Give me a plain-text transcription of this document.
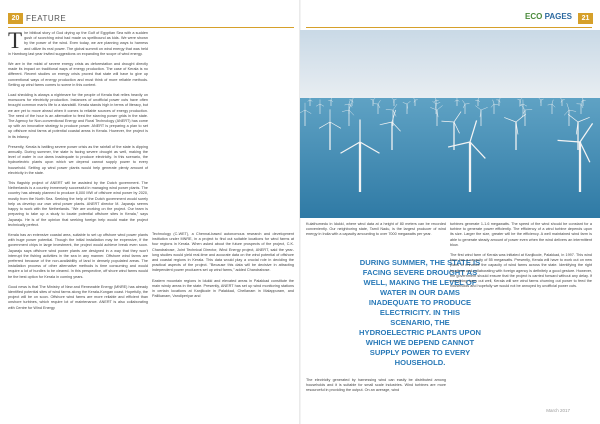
20 FEATURE	ECO PAGES	21

The biblical story of God drying up the Gulf of Egyptian Sea with a sudden gush of scorching wind had made us spellbound as kids. We were shown by the power of the wind. Even today, we are planning ways to harness and utilize its real power. The global summit on wind energy that was held in Hamburg last year invited suggestions on expanding the scope of wind energy.

We are in the midst of severe energy crisis as deforestation and drought directly made its impact on traditional ways of energy production. The case of Kerala is no different. Recent studies on energy crisis proved that state will have to give up conventional ways of energy production and must think of more reliable methods. Setting up wind farms comes to scene in this context.

Load shedding is always a nightmare for the people of Kerala that relies heavily on monsoons for electricity production. Instances of unofficial power cuts have often brought common man's life to a standstill. Kerala stands high in terms of literacy, but we are yet to move ahead when it comes to reliable sources of energy production. The need of the hour is an alternative to feed the starving power grids in the state. The Agency for Non-conventional Energy and Rural Technology (ANERT) has come up with an innovative strategy to produce power. ANERT is preparing a plan to set up offshore wind farms at potential coastal areas in Kerala. However, the project is in its infancy.

Presently, Kerala is battling severe power crisis as the rainfall of the state is dipping annually. During summer, the state is facing severe drought as well, making the level of water in our dams inadequate to produce electricity. In this scenario, the hydroelectric plants upon which we depend cannot supply power to every household. Setting up wind power plants would help generate plenty amount of electricity in the state.

This flagship project of ANERT will be assisted by the Dutch government. The Netherlands is a country immensely successful in managing wind power plants. The country has already planned to produce 6,000 MW of offshore wind power by 2020, mostly from the North Sea. Seeking the help of the Dutch government would surely help us develop our own wind power plants. ANERT director M. Jayaraju seems happy to work with the Netherlands. "We are working on the project. Our team is preparing to take up a study to locate potential offshore sites in Kerala," says Jayaraju. He is of the opinion that seeking foreign help would make the project technically perfect.

Kerala has an extensive coastal area, suitable to set up offshore wind power plants with huge power potential. Though the initial installation may be expensive, if the government chips in large investment, the project would achieve break even soon. Jayaraju says offshore wind power plants are designed in a way that they won't interrupt the fishing activities in the sea in any manner. Offshore wind farms are preferred because of the non-availability of land in densely populated areas. The installation process of other alternative methods is time consuming and would require a lot of hurdles to be cleared. In this perspective, off shore wind farms would be the best option for Kerala in coming years.

Good news is that The Ministry of New and Renewable Energy (MNRE) has already identified potential sites of wind farms along the Kerala-Kongan coast. Hopefully, the project will be on soon. Offshore wind farms are more reliable and efficient than onshore turbines, which require lot of maintenance. ANERT is also collaborating with Centre for Wind Energy

Technology (C-WET), a Chennai-based autonomous research and development institution under MNRE, in a project to find out suitable locations for wind farms at four regions in Kerala. When asked about the future prospects of the project, C.K. Chandrabose, Joint Technical Director, Wind Energy project, ANERT, said the year-long studies would yield real-time and accurate data on the wind potential of offshore and coastal regions in Kerala. This data would play a crucial role in deciding the practical aspects of the project. "Because this data will be decisive in attracting independent power producers set up wind farms," added Chandrabose.

Eastern mountain regions in Idukki and elevated areas in Palakkad constitute the main windy areas in the state. Presently, ANERT has set up wind monitoring stations in certain locations at Kanjikode in Palakkad, Chellanam in Malappuram, and Pallikanam, Vandiperiyar and

Kulathumedu in Idukki, where wind data at a height of 80 meters can be recorded conveniently. Our neighboring state, Tamil Nadu, is the largest producer of wind energy in India with a capacity amounting to over 7000 megawatts per year.

DURING SUMMER, THE STATE IS FACING SEVERE DROUGHT AS WELL, MAKING THE LEVEL OF WATER IN OUR DAMS INADEQUATE TO PRODUCE ELECTRICITY. IN THIS SCENARIO, THE HYDROELECTRIC PLANTS UPON WHICH WE DEPEND CANNOT SUPPLY POWER TO EVERY HOUSEHOLD.

The electricity generated by harnessing wind can easily be distributed among households and it is suitable for small scale industries. Wind turbines are more resourceful in providing the output. On an average, wind

turbines generate 1-1.6 megawatts. The speed of the wind should be constant for a turbine to generate power efficiently. The efficiency of a wind turbine depends upon its size. Larger the size, greater will be the efficiency. A well maintained wind farm is able to generate steady amount of power even when the wind delivers an intermittent blow.

The first wind farm of Kerala was initiated at Kanjikode, Palakkad, in 1997. This wind farm has a capacity of 55 megawatts. Presently, Kerala will have to work out on new plans to enhance the capacity of wind farms across the state. Identifying the right locations and collaborating with foreign agency is definitely a good gesture. However, the government should ensure that the project is carried forward without any delay. If everything turns out well, Kerala will see wind farms churning out power to feed the households and hopefully we would not be annoyed by unofficial power cuts.

March 2017
